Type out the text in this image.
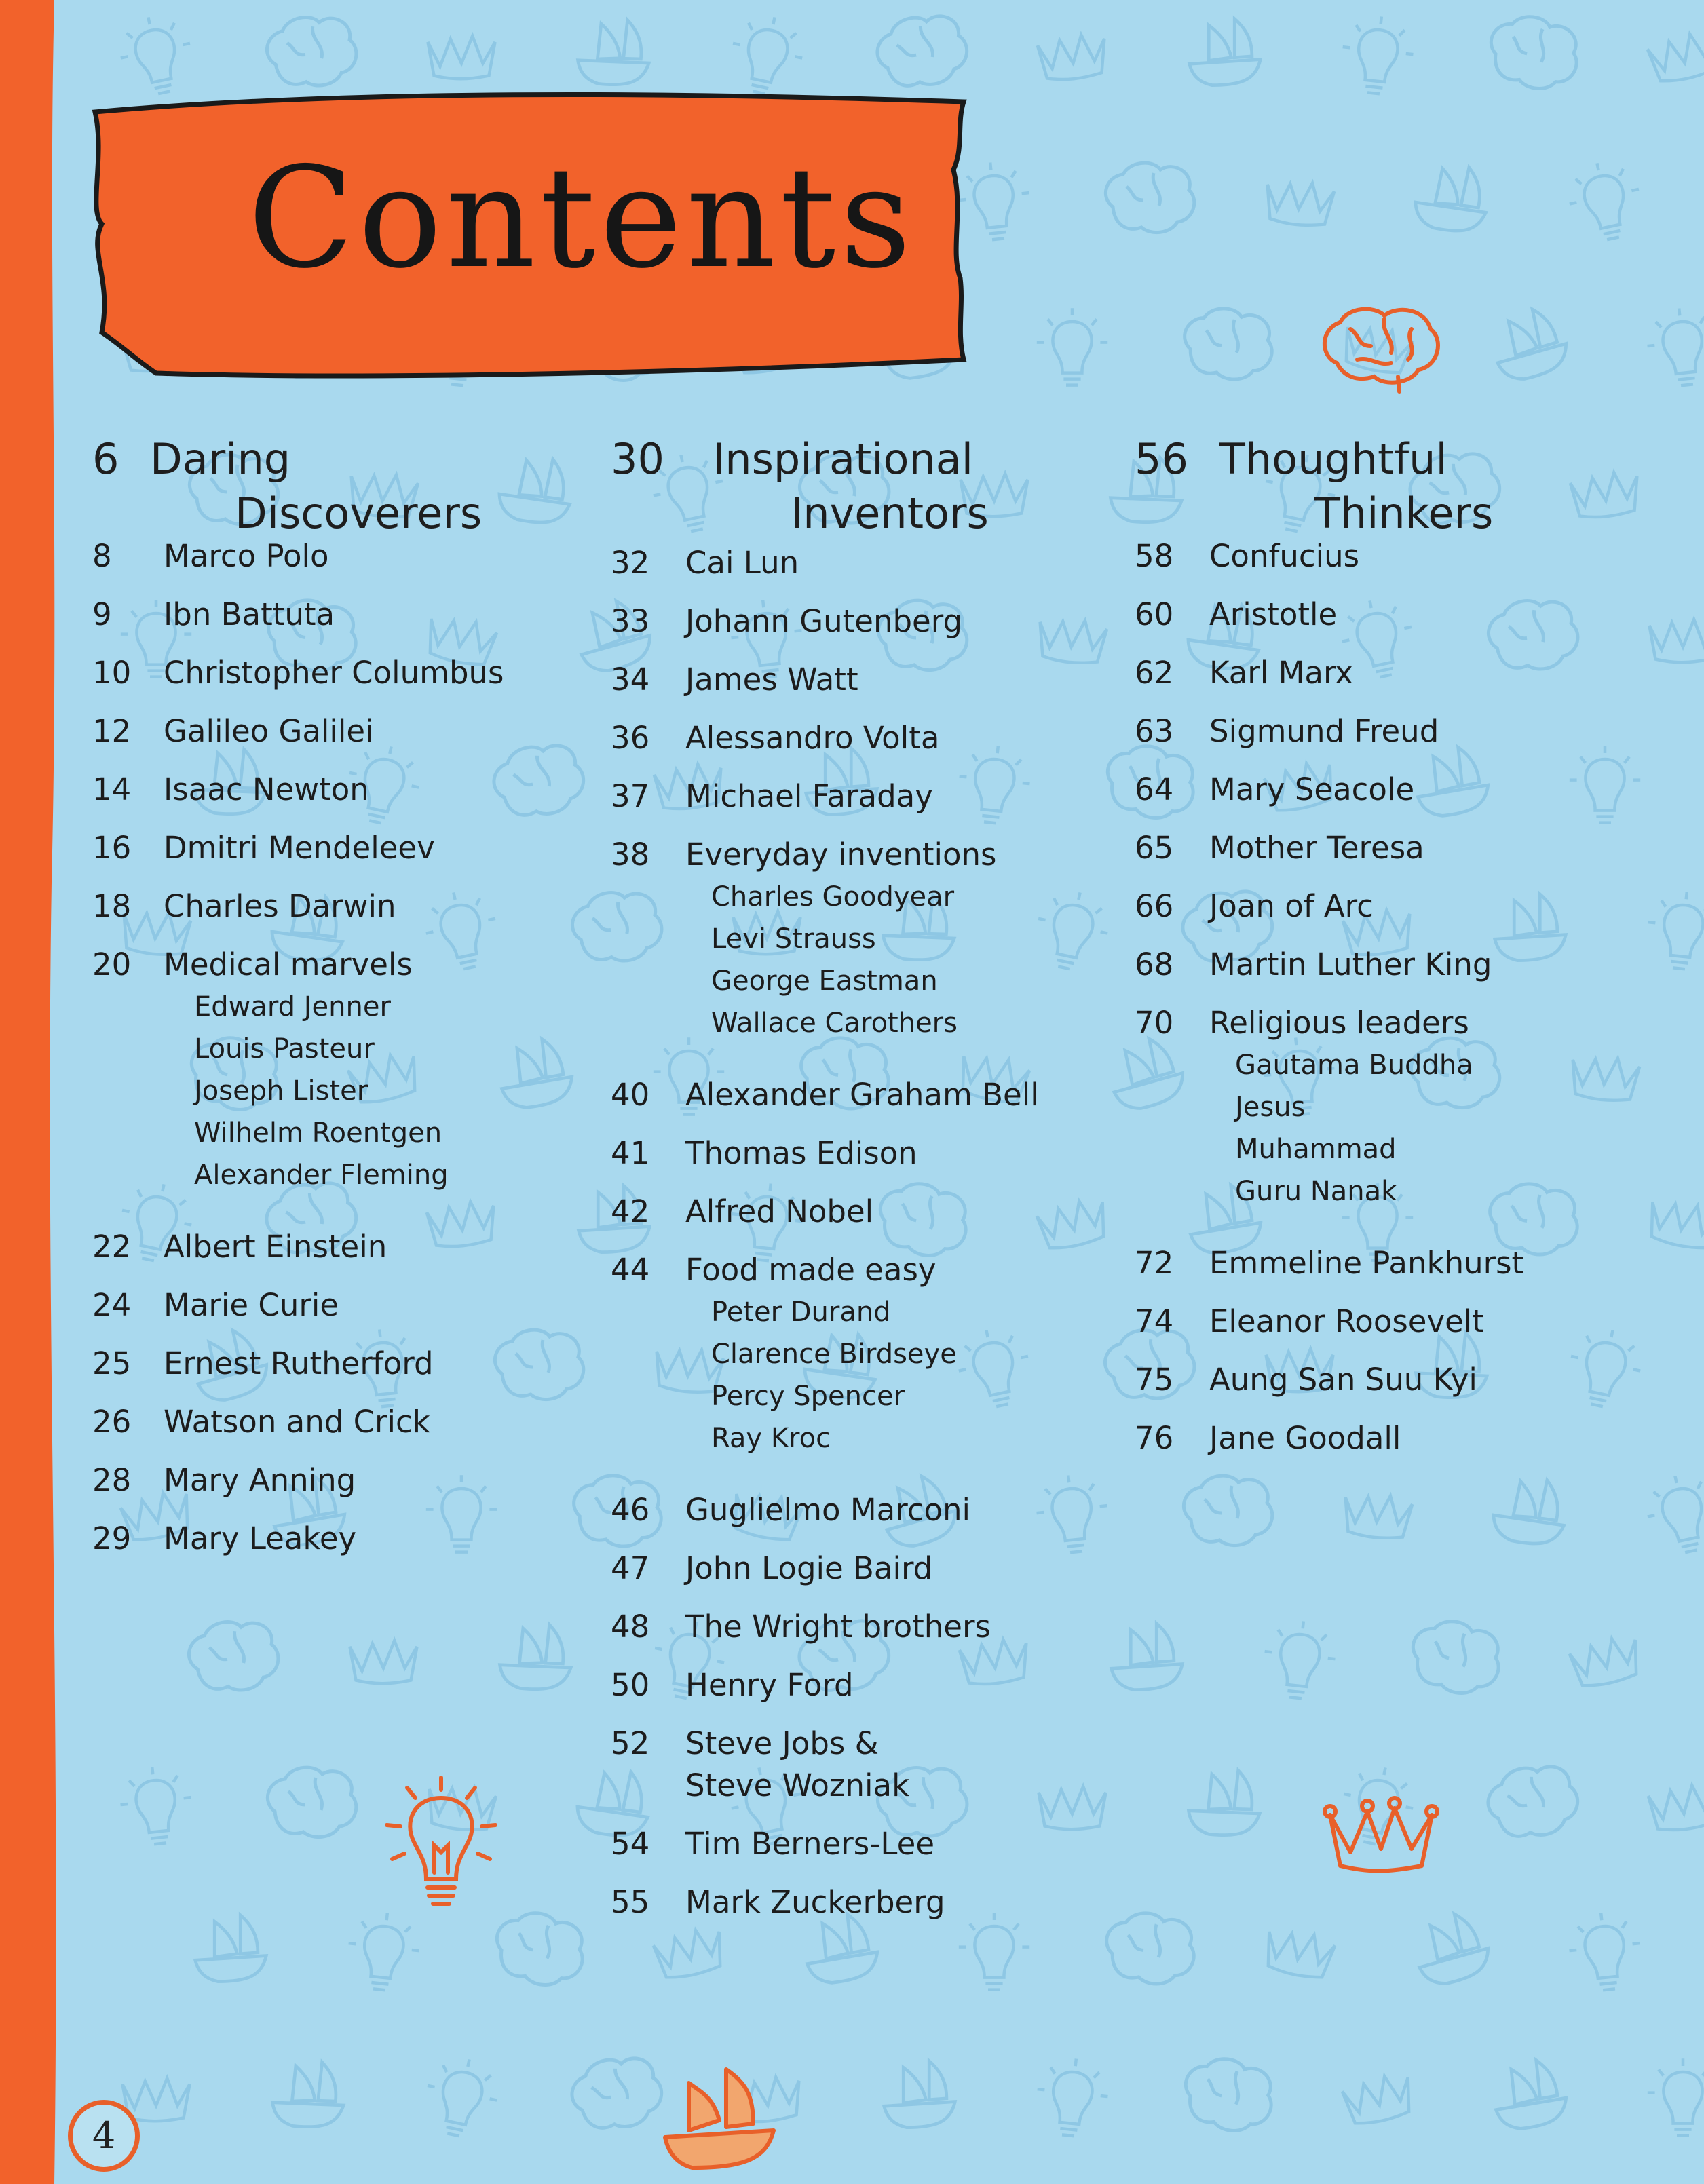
Contents
6 Daring
Discoverers
8 Marco Polo
9 Ibn Battuta
10 Christopher Columbus
12 Galileo Galilei
14 Isaac Newton
16 Dmitri Mendeleev
18 Charles Darwin
20 Medical marvels
Edward Jenner
Louis Pasteur
Joseph Lister
Wilhelm Roentgen
Alexander Fleming
22 Albert Einstein
24 Marie Curie
25 Ernest Rutherford
26 Watson and Crick
28 Mary Anning
29 Mary Leakey
30 Inspirational
Inventors
32 Cai Lun
33 Johann Gutenberg
34 James Watt
36 Alessandro Volta
37 Michael Faraday
38 Everyday inventions
Charles Goodyear
Levi Strauss
George Eastman
Wallace Carothers
40 Alexander Graham Bell
41 Thomas Edison
42 Alfred Nobel
44 Food made easy
Peter Durand
Clarence Birdseye
Percy Spencer
Ray Kroc
46 Guglielmo Marconi
47 John Logie Baird
48 The Wright brothers
50 Henry Ford
52 Steve Jobs &
Steve Wozniak
54 Tim Berners-Lee
55 Mark Zuckerberg
56 Thoughtful
Thinkers
58 Confucius
60 Aristotle
62 Karl Marx
63 Sigmund Freud
64 Mary Seacole
65 Mother Teresa
66 Joan of Arc
68 Martin Luther King
70 Religious leaders
Gautama Buddha
Jesus
Muhammad
Guru Nanak
72 Emmeline Pankhurst
74 Eleanor Roosevelt
75 Aung San Suu Kyi
76 Jane Goodall
4
